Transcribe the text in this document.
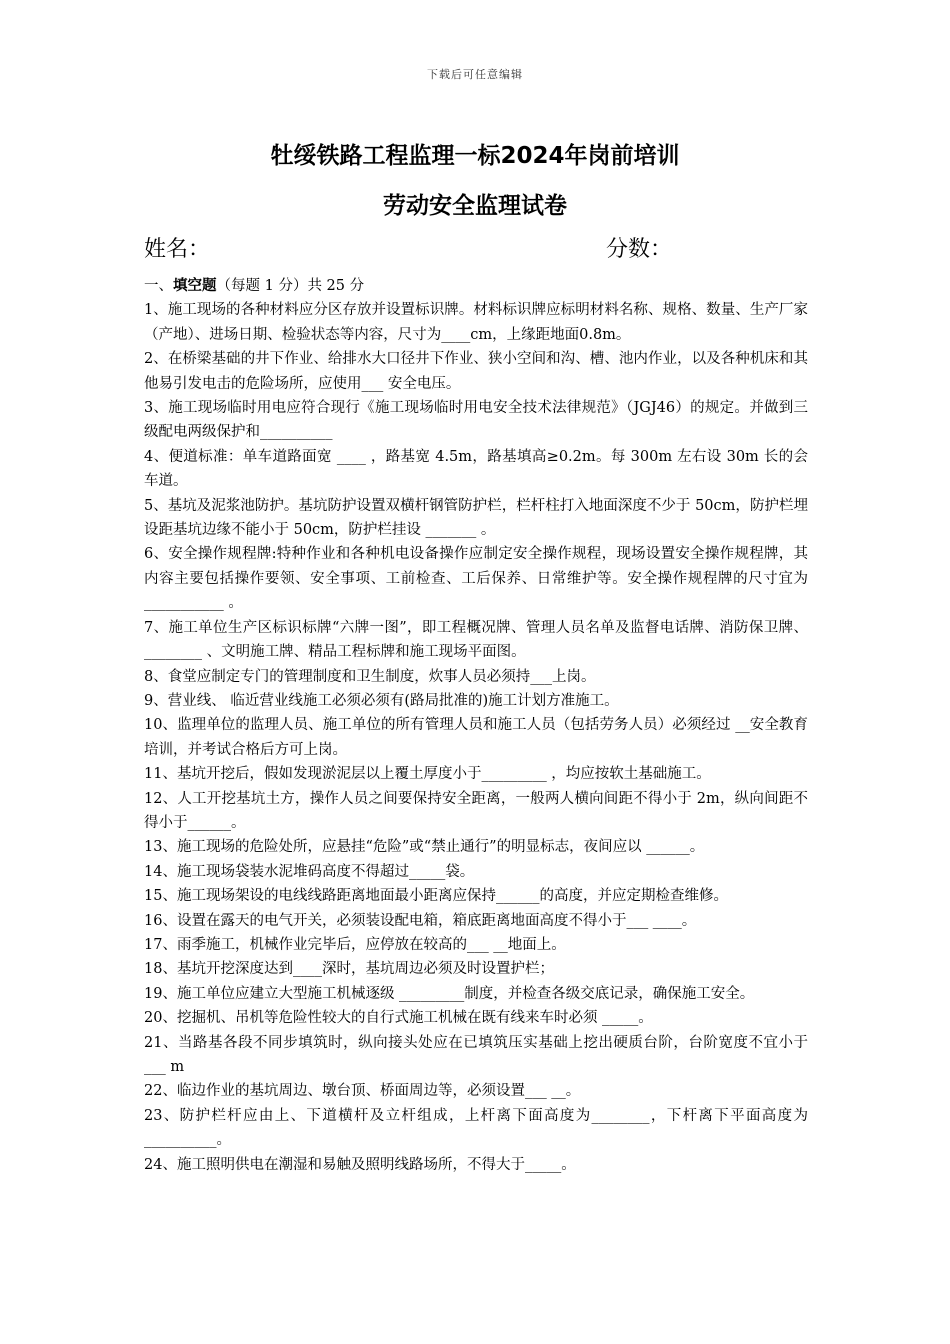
下载后可任意编辑
牡绥铁路工程监理一标2024年岗前培训
劳动安全监理试卷
姓名：	分数：

一、填空题（每题 1 分）共 25 分

1、施工现场的各种材料应分区存放并设置标识牌。材料标识牌应标明材料名称、规格、数量、生产厂家（产地）、进场日期、检验状态等内容，尺寸为____cm，上缘距地面0.8m。

2、在桥梁基础的井下作业、给排水大口径井下作业、狭小空间和沟、槽、池内作业，以及各种机床和其他易引发电击的危险场所，应使用___ 安全电压。

3、施工现场临时用电应符合现行《施工现场临时用电安全技术法律规范》（JGJ46）的规定。并做到三级配电两级保护和__________

4、便道标准：单车道路面宽 ____ ，路基宽 4.5m，路基填高≥0.2m。每 300m 左右设 30m 长的会车道。

5、基坑及泥浆池防护。基坑防护设置双横杆钢管防护栏，栏杆柱打入地面深度不少于 50cm，防护栏埋设距基坑边缘不能小于 50cm，防护栏挂设 _______ 。

6、安全操作规程牌:特种作业和各种机电设备操作应制定安全操作规程，现场设置安全操作规程牌，其内容主要包括操作要领、安全事项、工前检查、工后保养、日常维护等。安全操作规程牌的尺寸宜为___________ 。

7、施工单位生产区标识标牌“六牌一图”，即工程概况牌、管理人员名单及监督电话牌、消防保卫牌、 ________ 、文明施工牌、精品工程标牌和施工现场平面图。

8、食堂应制定专门的管理制度和卫生制度，炊事人员必须持___上岗。

9、营业线、 临近营业线施工必须必须有(路局批准的)施工计划方准施工。

10、监理单位的监理人员、施工单位的所有管理人员和施工人员（包括劳务人员）必须经过 __安全教育培训，并考试合格后方可上岗。

11、基坑开挖后，假如发现淤泥层以上覆土厚度小于_________ ，均应按软土基础施工。

12、人工开挖基坑土方，操作人员之间要保持安全距离，一般两人横向间距不得小于 2m，纵向间距不得小于______。

13、施工现场的危险处所，应悬挂“危险”或“禁止通行”的明显标志，夜间应以 ______。

14、施工现场袋装水泥堆码高度不得超过_____袋。

15、施工现场架设的电线线路距离地面最小距离应保持______的高度，并应定期检查维修。

16、设置在露天的电气开关，必须装设配电箱，箱底距离地面高度不得小于___ ____。

17、雨季施工，机械作业完毕后，应停放在较高的___ __地面上。

18、基坑开挖深度达到____深时，基坑周边必须及时设置护栏；

19、施工单位应建立大型施工机械逐级 _________制度，并检查各级交底记录，确保施工安全。

20、挖掘机、吊机等危险性较大的自行式施工机械在既有线来车时必须 _____。

21、当路基各段不同步填筑时，纵向接头处应在已填筑压实基础上挖出硬质台阶，台阶宽度不宜小于 ___ m

22、临边作业的基坑周边、墩台顶、桥面周边等，必须设置___ __。

23、防护栏杆应由上、下道横杆及立杆组成，上杆离下面高度为________，下杆离下平面高度为__________。

24、施工照明供电在潮湿和易触及照明线路场所，不得大于_____。
